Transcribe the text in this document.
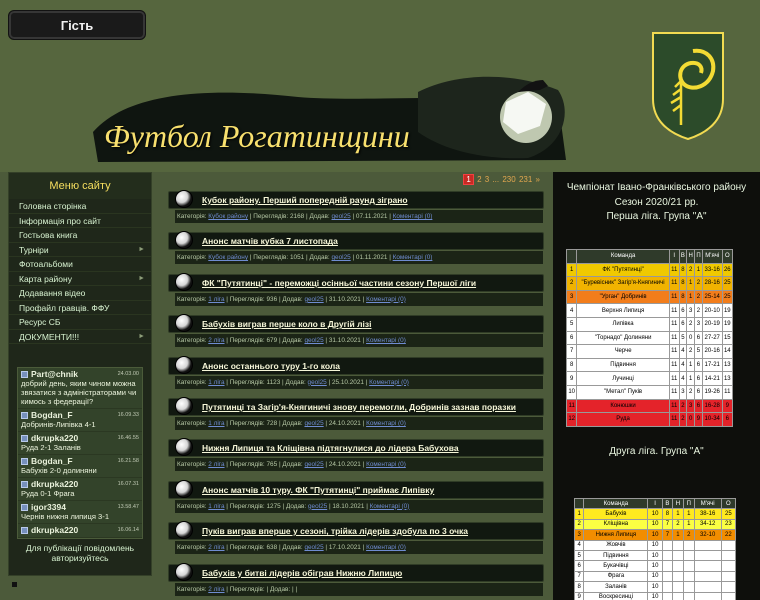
Гість
Футбол Рогатинщини
Меню сайту
Головна сторінка
Інформація про сайт
Гостьова книга
Турніри	►
Фотоальбоми
Карта району	►
Додавання відео
Профайл гравців. ФФУ
Ресурс СБ
ДОКУМЕНТИ!!!	►
Part@chnik	24.03.00
добрий день, яким чином можна звязатися з адміністраторами чи кимось з федерації?
Bogdan_F	16.09.33
Добринів-Липівка 4-1
dkrupka220	16.46.55
Руда 2-1 Заланів
Bogdan_F	16.21.58
Бабухів 2-0 долиняни
dkrupka220	16.07.31
Руда 0-1 Фрага
igor3394	13.58.47
Чернів нижня липиця 3-1
dkrupka220	16.06.14
Для публікації повідомлень авторизуйтесь
1 2 3 ... 230 231 »
Кубок району. Перший попередній раунд зіграно
Категорія: Кубок району | Переглядів: 2168 | Додав: geol25 | 07.11.2021 | Коментарі (0)
Анонс матчів кубка 7 листопада
Категорія: Кубок району | Переглядів: 1051 | Додав: geol25 | 01.11.2021 | Коментарі (0)
ФК "Путятинці" - переможці осінньої частини сезону Першої ліги
Категорія: 1 ліга | Переглядів: 936 | Додав: geol25 | 31.10.2021 | Коментарі (0)
Бабухів виграв перше коло в Другій лізі
Категорія: 2 ліга | Переглядів: 679 | Додав: geol25 | 31.10.2021 | Коментарі (0)
Анонс останнього туру 1-го кола
Категорія: 1 ліга | Переглядів: 1123 | Додав: geol25 | 25.10.2021 | Коментарі (0)
Путятинці та Загір'я-Княгиничі знову перемогли, Добринів зазнав поразки
Категорія: 1 ліга | Переглядів: 728 | Додав: geol25 | 24.10.2021 | Коментарі (0)
Нижня Липиця та Кліщівна підтягнулися до лідера Бабухова
Категорія: 2 ліга | Переглядів: 765 | Додав: geol25 | 24.10.2021 | Коментарі (0)
Анонс матчів 10 туру. ФК "Путятинці" приймає Липівку
Категорія: 1 ліга | Переглядів: 1275 | Додав: geol25 | 18.10.2021 | Коментарі (0)
Пуків виграв вперше у сезоні, трійка лідерів здобула по 3 очка
Категорія: 2 ліга | Переглядів: 638 | Додав: geol25 | 17.10.2021 | Коментарі (0)
Бабухів у битві лідерів обіграв Нижню Липицю
Категорія: 2 ліга | Переглядів: | Додав: | |
Чемпіонат Івано-Франківського району
Сезон 2020/21 рр.
Перша ліга. Група "А"
	Команда	І	В	Н	П	М'ячі	О
1	ФК "Путятинці"	11	8	2	1	33-16	26
2	"Буревісник" Загір'я-Княгиничі	11	8	1	2	28-16	25
3	"Урган" Добринів	11	8	1	2	25-14	25
4	Верхня Липиця	11	6	3	2	20-10	19
5	Липівка	11	6	2	3	20-19	19
6	"Торнадо" Долиняни	11	5	0	6	27-27	15
7	Черче	11	4	2	5	20-16	14
8	Підвиння	11	4	1	6	17-21	13
9	Лучинці	11	4	1	6	14-21	13
10	"Метал" Пуків	11	3	2	6	19-26	11
11	Конюшки	11	2	3	6	16-28	9
12	Руда	11	2	0	9	10-34	6
Друга ліга. Група "А"
	Команда	І	В	Н	П	М'ячі	О
1	Бабухів	10	8	1	1	38-16	25
2	Кліщівна	10	7	2	1	34-12	23
3	Нижня Липиця	10	7	1	2	32-10	22
4	Жовчів	10					
5	Підвиння	10					
6	Букачівці	10					
7	Фрага	10					
8	Заланів	10					
9	Воскресинці	10					
